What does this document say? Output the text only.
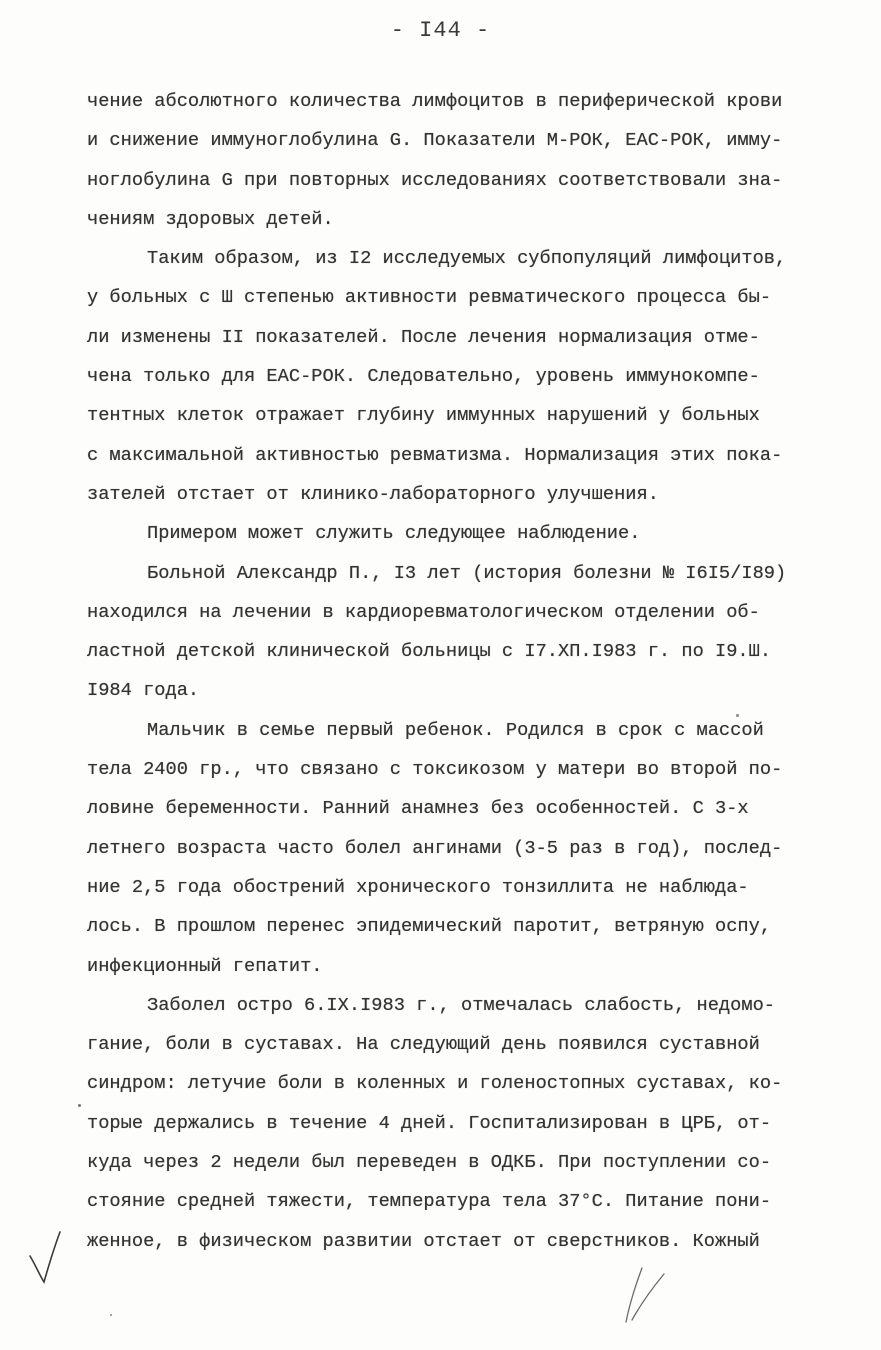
- I44 -
чение абсолютного количества лимфоцитов в периферической крови
и снижение иммуноглобулина G. Показатели М-РОК, ЕАС-РОК, имму-
ноглобулина G при повторных исследованиях соответствовали зна-
чениям здоровых детей.
Таким образом, из I2 исследуемых субпопуляций лимфоцитов,
у больных с Ш степенью активности ревматического процесса бы-
ли изменены II показателей. После лечения нормализация отме-
чена только для ЕАС-РОК. Следовательно, уровень иммунокомпе-
тентных клеток отражает глубину иммунных нарушений у больных
с максимальной активностью ревматизма. Нормализация этих пока-
зателей отстает от клинико-лабораторного улучшения.
Примером может служить следующее наблюдение.
Больной Александр П., I3 лет (история болезни № I6I5/I89)
находился на лечении в кардиоревматологическом отделении об-
ластной детской клинической больницы с I7.XП.I983 г. по I9.Ш.
I984 года.
Мальчик в семье первый ребенок. Родился в срок с массой
тела 2400 гр., что связано с токсикозом у матери во второй по-
ловине беременности. Ранний анамнез без особенностей. С 3-х
летнего возраста часто болел ангинами (3-5 раз в год), послед-
ние 2,5 года обострений хронического тонзиллита не наблюда-
лось. В прошлом перенес эпидемический паротит, ветряную оспу,
инфекционный гепатит.
Заболел остро 6.IX.I983 г., отмечалась слабость, недомо-
гание, боли в суставах. На следующий день появился суставной
синдром: летучие боли в коленных и голеностопных суставах, ко-
торые держались в течение 4 дней. Госпитализирован в ЦРБ, от-
куда через 2 недели был переведен в ОДКБ. При поступлении со-
стояние средней тяжести, температура тела 37°С. Питание пони-
женное, в физическом развитии отстает от сверстников. Кожный
